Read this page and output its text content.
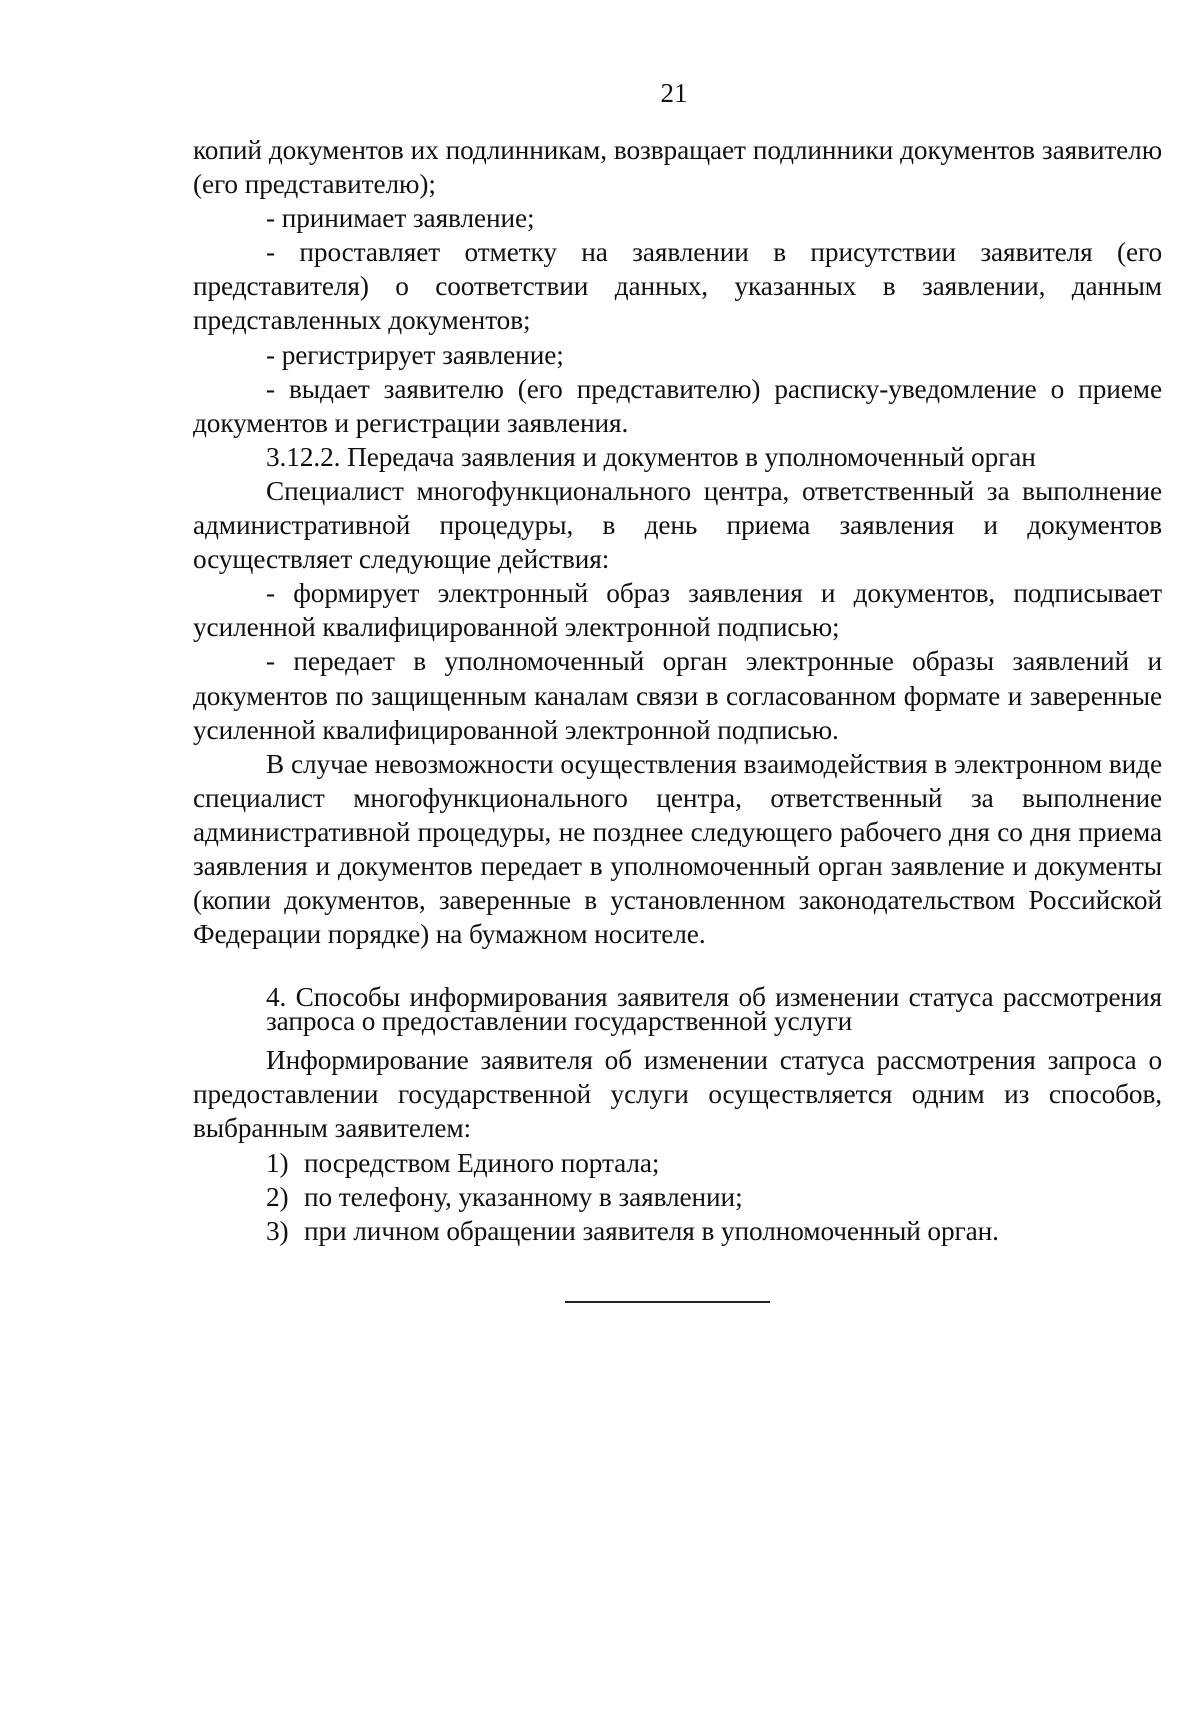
21

копий документов их подлинникам, возвращает подлинники документов заявителю (его представителю);

- принимает заявление;

- проставляет отметку на заявлении в присутствии заявителя (его представителя) о соответствии данных, указанных в заявлении, данным представленных документов;

- регистрирует заявление;

- выдает заявителю (его представителю) расписку-уведомление о приеме документов и регистрации заявления.

3.12.2. Передача заявления и документов в уполномоченный орган

Специалист многофункционального центра, ответственный за выполнение административной процедуры, в день приема заявления и документов осуществляет следующие действия:

- формирует электронный образ заявления и документов, подписывает усиленной квалифицированной электронной подписью;

- передает в уполномоченный орган электронные образы заявлений и документов по защищенным каналам связи в согласованном формате и заверенные усиленной квалифицированной электронной подписью.

В случае невозможности осуществления взаимодействия в электронном виде специалист многофункционального центра, ответственный за выполнение административной процедуры, не позднее следующего рабочего дня со дня приема заявления и документов передает в уполномоченный орган заявление и документы (копии документов, заверенные в установленном законодательством Российской Федерации порядке) на бумажном носителе.

4. Способы информирования заявителя об изменении статуса рассмотрения запроса о предоставлении государственной услуги

Информирование заявителя об изменении статуса рассмотрения запроса о предоставлении государственной услуги осуществляется одним из способов, выбранным заявителем:

1) посредством Единого портала;
2) по телефону, указанному в заявлении;
3) при личном обращении заявителя в уполномоченный орган.
